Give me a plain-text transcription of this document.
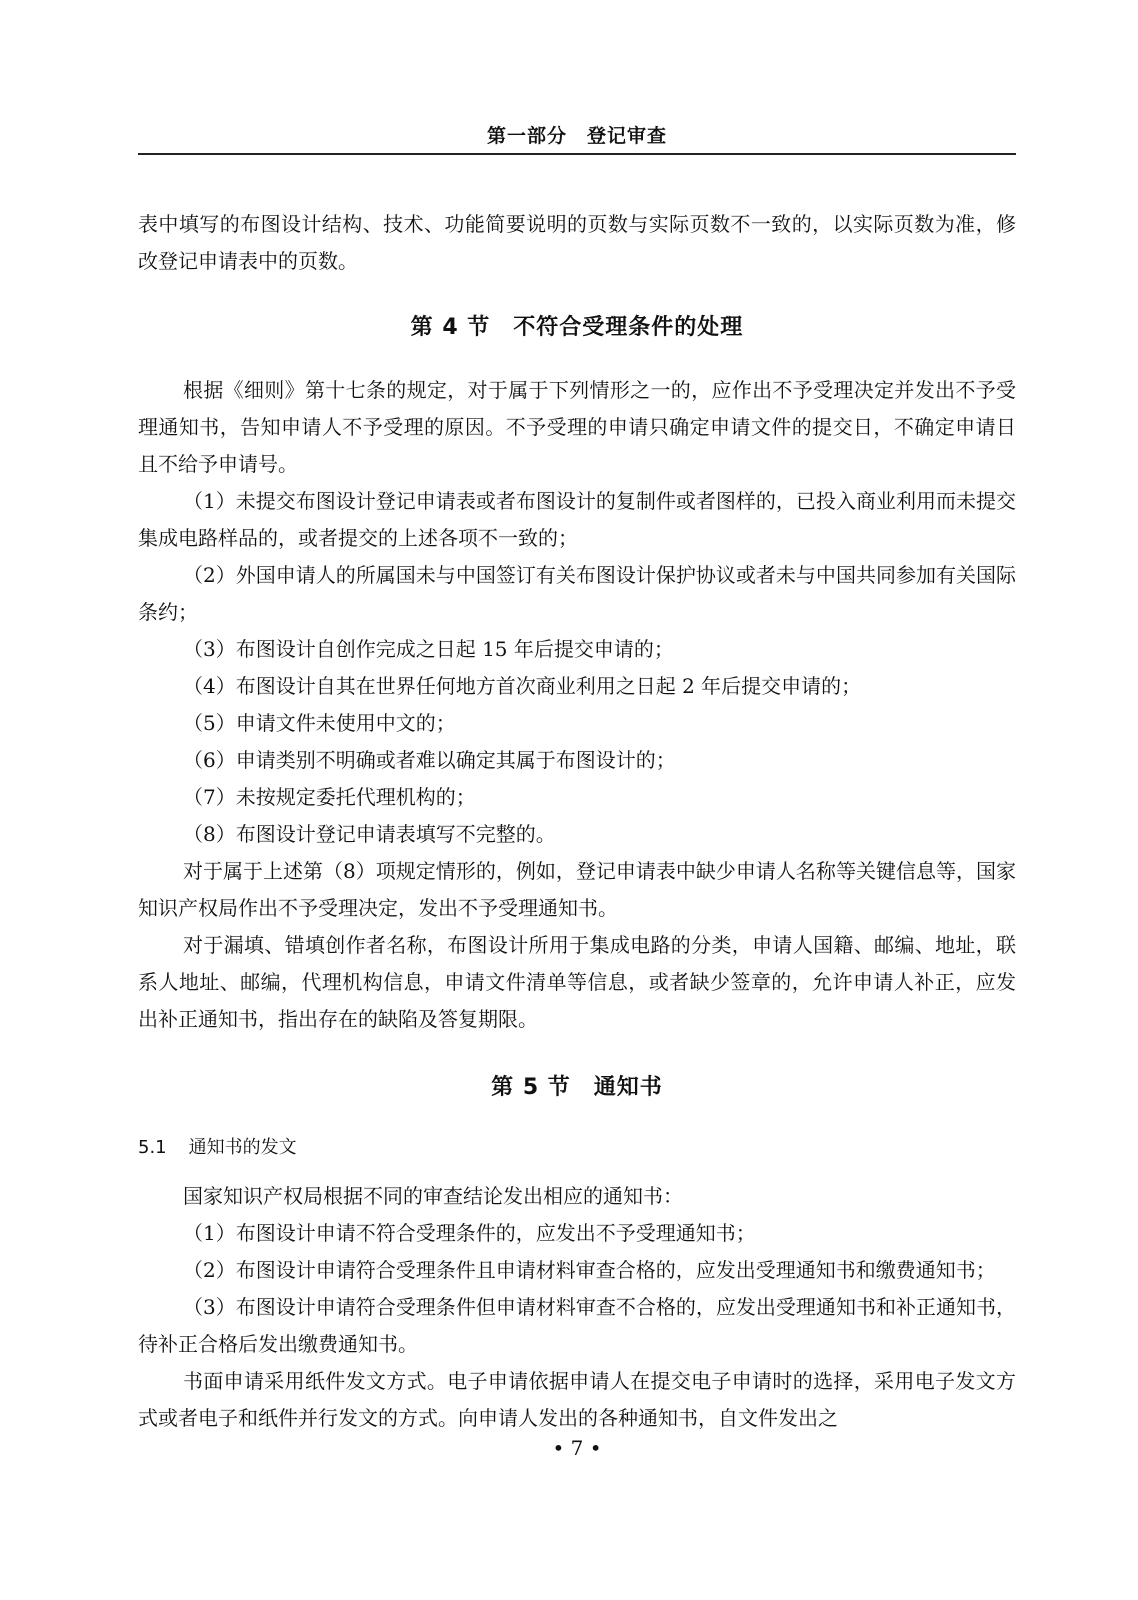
第一部分　登记审查

表中填写的布图设计结构、技术、功能简要说明的页数与实际页数不一致的，以实际页数为准，修改登记申请表中的页数。

第 4 节　不符合受理条件的处理

根据《细则》第十七条的规定，对于属于下列情形之一的，应作出不予受理决定并发出不予受理通知书，告知申请人不予受理的原因。不予受理的申请只确定申请文件的提交日，不确定申请日且不给予申请号。

（1）未提交布图设计登记申请表或者布图设计的复制件或者图样的，已投入商业利用而未提交集成电路样品的，或者提交的上述各项不一致的；

（2）外国申请人的所属国未与中国签订有关布图设计保护协议或者未与中国共同参加有关国际条约；

（3）布图设计自创作完成之日起 15 年后提交申请的；

（4）布图设计自其在世界任何地方首次商业利用之日起 2 年后提交申请的；

（5）申请文件未使用中文的；

（6）申请类别不明确或者难以确定其属于布图设计的；

（7）未按规定委托代理机构的；

（8）布图设计登记申请表填写不完整的。

对于属于上述第（8）项规定情形的，例如，登记申请表中缺少申请人名称等关键信息等，国家知识产权局作出不予受理决定，发出不予受理通知书。

对于漏填、错填创作者名称，布图设计所用于集成电路的分类，申请人国籍、邮编、地址，联系人地址、邮编，代理机构信息，申请文件清单等信息，或者缺少签章的，允许申请人补正，应发出补正通知书，指出存在的缺陷及答复期限。

第 5 节　通知书
5.1 通知书的发文

国家知识产权局根据不同的审查结论发出相应的通知书：

（1）布图设计申请不符合受理条件的，应发出不予受理通知书；

（2）布图设计申请符合受理条件且申请材料审查合格的，应发出受理通知书和缴费通知书；

（3）布图设计申请符合受理条件但申请材料审查不合格的，应发出受理通知书和补正通知书，待补正合格后发出缴费通知书。

书面申请采用纸件发文方式。电子申请依据申请人在提交电子申请时的选择，采用电子发文方式或者电子和纸件并行发文的方式。向申请人发出的各种通知书，自文件发出之

• 7 •
